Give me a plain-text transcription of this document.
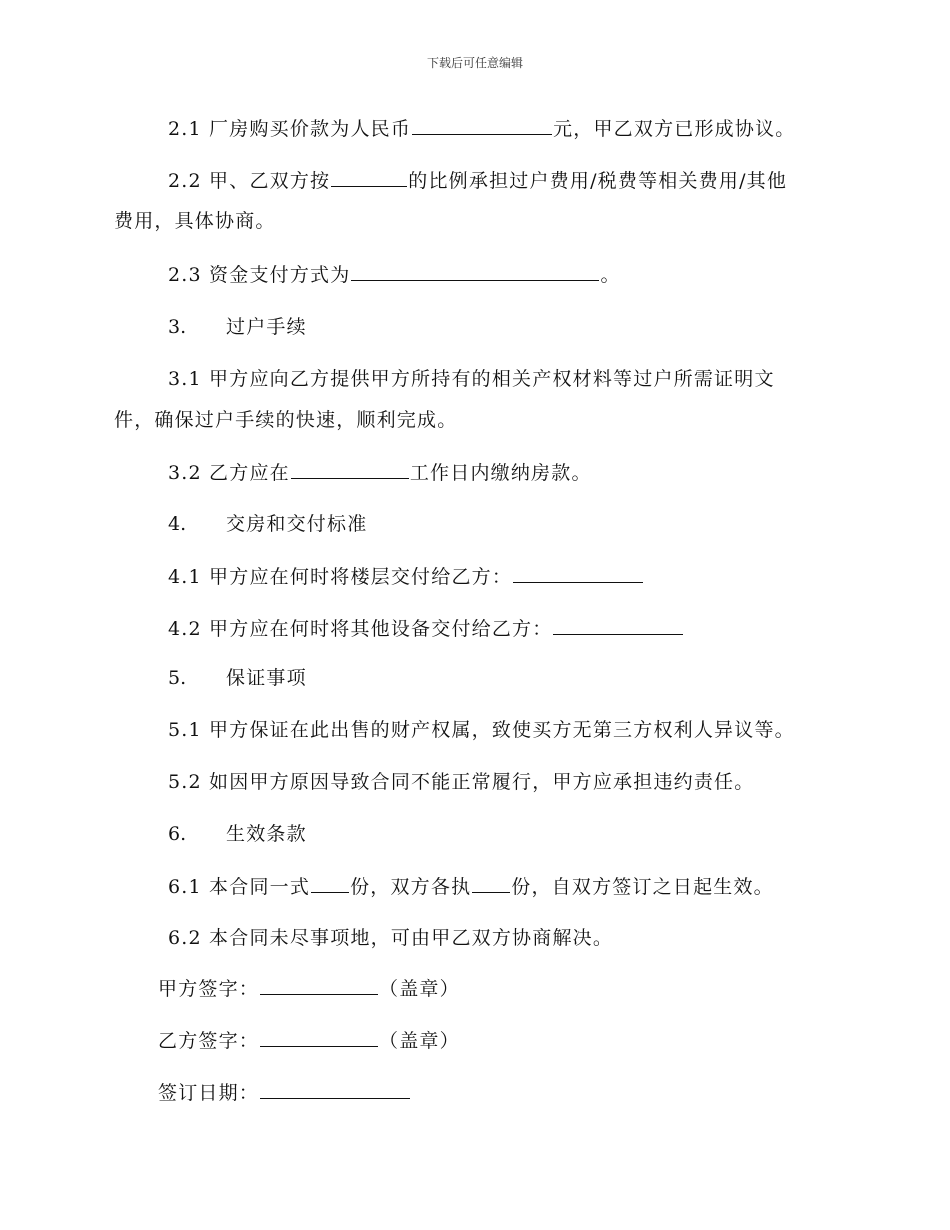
下载后可任意编辑
2.1 厂房购买价款为人民币	元，甲乙双方已形成协议。
2.2 甲、乙双方按	的比例承担过户费用/税费等相关费用/其他
费用，具体协商。
2.3 资金支付方式为	。
3. 过户手续
3.1 甲方应向乙方提供甲方所持有的相关产权材料等过户所需证明文
件，确保过户手续的快速，顺利完成。
3.2 乙方应在	工作日内缴纳房款。
4. 交房和交付标准
4.1 甲方应在何时将楼层交付给乙方：
4.2 甲方应在何时将其他设备交付给乙方：
5. 保证事项
5.1 甲方保证在此出售的财产权属，致使买方无第三方权利人异议等。
5.2 如因甲方原因导致合同不能正常履行，甲方应承担违约责任。
6. 生效条款
6.1 本合同一式 份，双方各执 份，自双方签订之日起生效。
6.2 本合同未尽事项地，可由甲乙双方协商解决。
甲方签字：	（盖章）
乙方签字：	（盖章）
签订日期：
